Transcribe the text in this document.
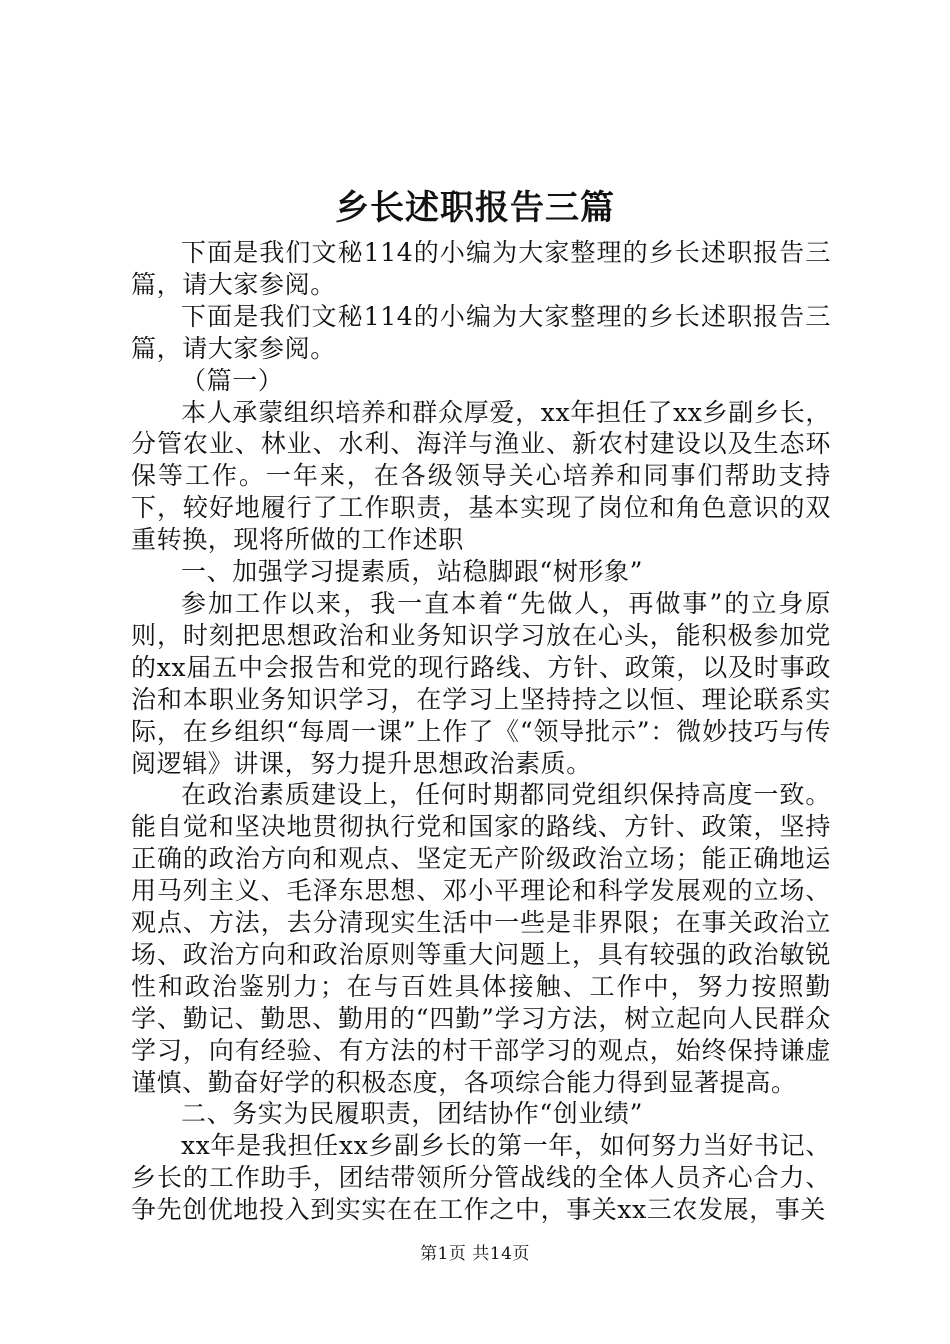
乡长述职报告三篇

下面是我们文秘114的小编为大家整理的乡长述职报告三篇，请大家参阅。

下面是我们文秘114的小编为大家整理的乡长述职报告三篇，请大家参阅。

（篇一）

本人承蒙组织培养和群众厚爱，xx年担任了xx乡副乡长，分管农业、林业、水利、海洋与渔业、新农村建设以及生态环保等工作。一年来，在各级领导关心培养和同事们帮助支持下，较好地履行了工作职责，基本实现了岗位和角色意识的双重转换，现将所做的工作述职

一、加强学习提素质，站稳脚跟“树形象”

参加工作以来，我一直本着“先做人，再做事”的立身原则，时刻把思想政治和业务知识学习放在心头，能积极参加党的xx届五中会报告和党的现行路线、方针、政策，以及时事政治和本职业务知识学习，在学习上坚持持之以恒、理论联系实际，在乡组织“每周一课”上作了《“领导批示”：微妙技巧与传阅逻辑》讲课，努力提升思想政治素质。

在政治素质建设上，任何时期都同党组织保持高度一致。能自觉和坚决地贯彻执行党和国家的路线、方针、政策，坚持正确的政治方向和观点、坚定无产阶级政治立场；能正确地运用马列主义、毛泽东思想、邓小平理论和科学发展观的立场、观点、方法，去分清现实生活中一些是非界限；在事关政治立场、政治方向和政治原则等重大问题上，具有较强的政治敏锐性和政治鉴别力；在与百姓具体接触、工作中，努力按照勤学、勤记、勤思、勤用的“四勤”学习方法，树立起向人民群众学习，向有经验、有方法的村干部学习的观点，始终保持谦虚谨慎、勤奋好学的积极态度，各项综合能力得到显著提高。

二、务实为民履职责，团结协作“创业绩”

xx年是我担任xx乡副乡长的第一年，如何努力当好书记、乡长的工作助手，团结带领所分管战线的全体人员齐心合力、争先创优地投入到实实在在工作之中，事关xx三农发展，事关

第1页 共14页
